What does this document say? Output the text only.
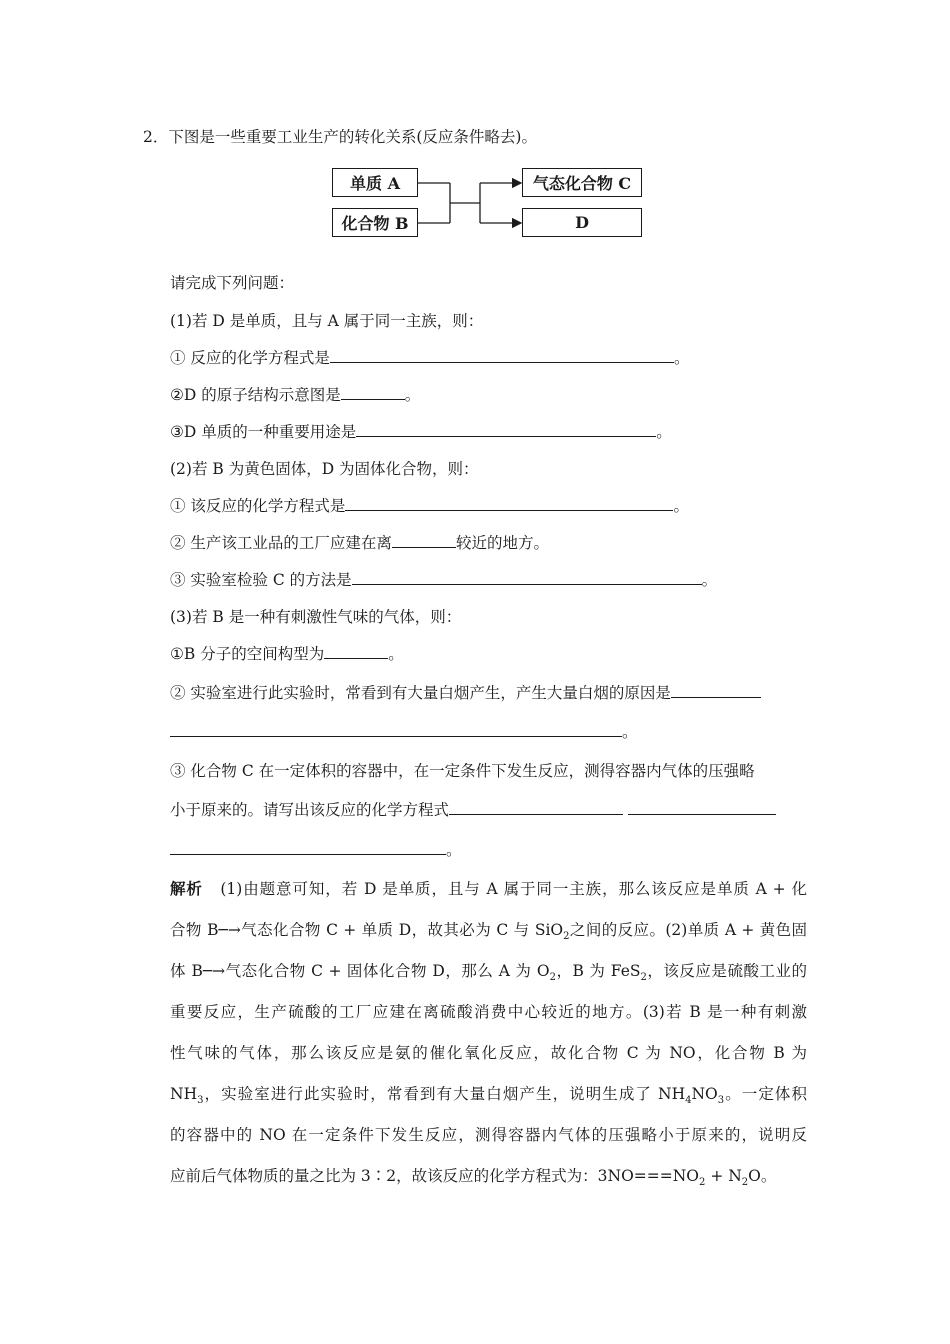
2．下图是一些重要工业生产的转化关系(反应条件略去)。
单质 A
化合物 B
气态化合物 C
D
请完成下列问题：
(1)若 D 是单质，且与 A 属于同一主族，则：
① 反应的化学方程式是	。
②D 的原子结构示意图是	。
③D 单质的一种重要用途是	。
(2)若 B 为黄色固体，D 为固体化合物，则：
① 该反应的化学方程式是	。
② 生产该工业品的工厂应建在离	较近的地方。
③ 实验室检验 C 的方法是	。
(3)若 B 是一种有刺激性气味的气体，则：
①B 分子的空间构型为	。
② 实验室进行此实验时，常看到有大量白烟产生，产生大量白烟的原因是
。
③ 化合物 C 在一定体积的容器中，在一定条件下发生反应，测得容器内气体的压强略
小于原来的。请写出该反应的化学方程式
。
解析 (1)由题意可知，若 D 是单质，且与 A 属于同一主族，那么该反应是单质 A + 化
合物 B─→气态化合物 C + 单质 D，故其必为 C 与 SiO$_2$之间的反应。(2)单质 A + 黄色固
体 B─→气态化合物 C + 固体化合物 D，那么 A 为 $O_2$，B 为 FeS$_2$，该反应是硫酸工业的
重要反应，生产硫酸的工厂应建在离硫酸消费中心较近的地方。(3)若 B 是一种有刺激
性气味的气体，那么该反应是氨的催化氧化反应，故化合物 C 为 NO，化合物 B 为
$NH_3$，实验室进行此实验时，常看到有大量白烟产生，说明生成了 $NH_4NO_3$。一定体积
的容器中的 NO 在一定条件下发生反应，测得容器内气体的压强略小于原来的，说明反
应前后气体物质的量之比为 3∶2，故该反应的化学方程式为：$3NO===NO_2 + N_2O$。
